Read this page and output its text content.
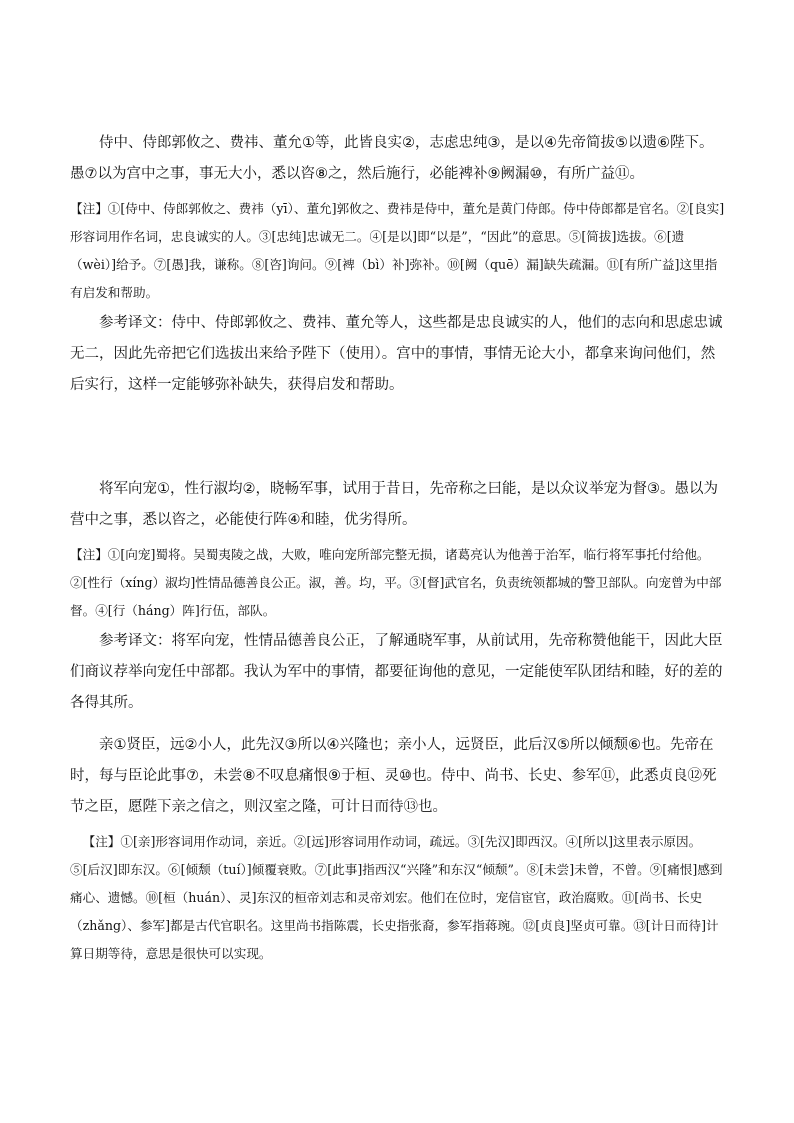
侍中、侍郎郭攸之、费祎、董允①等，此皆良实②，志虑忠纯③，是以④先帝简拔⑤以遗⑥陛下。愚⑦以为宫中之事，事无大小，悉以咨⑧之，然后施行，必能裨补⑨阙漏⑩，有所广益⑪。

【注】①[侍中、侍郎郭攸之、费祎（yī）、董允]郭攸之、费祎是侍中，董允是黄门侍郎。侍中侍郎都是官名。②[良实]形容词用作名词，忠良诚实的人。③[忠纯]忠诚无二。④[是以]即“以是”，“因此”的意思。⑤[简拔]选拔。⑥[遗（wèi）]给予。⑦[愚]我，谦称。⑧[咨]询问。⑨[裨（bì）补]弥补。⑩[阙（quē）漏]缺失疏漏。⑪[有所广益]这里指有启发和帮助。

参考译文：侍中、侍郎郭攸之、费祎、董允等人，这些都是忠良诚实的人，他们的志向和思虑忠诚无二，因此先帝把它们选拔出来给予陛下（使用）。宫中的事情，事情无论大小，都拿来询问他们，然后实行，这样一定能够弥补缺失，获得启发和帮助。

将军向宠①，性行淑均②，晓畅军事，试用于昔日，先帝称之曰能，是以众议举宠为督③。愚以为营中之事，悉以咨之，必能使行阵④和睦，优劣得所。

【注】①[向宠]蜀将。吴蜀夷陵之战，大败，唯向宠所部完整无损，诸葛亮认为他善于治军，临行将军事托付给他。②[性行（xíng）淑均]性情品德善良公正。淑，善。均，平。③[督]武官名，负责统领都城的警卫部队。向宠曾为中部督。④[行（háng）阵]行伍，部队。

参考译文：将军向宠，性情品德善良公正，了解通晓军事，从前试用，先帝称赞他能干，因此大臣们商议荐举向宠任中部都。我认为军中的事情，都要征询他的意见，一定能使军队团结和睦，好的差的各得其所。

亲①贤臣，远②小人，此先汉③所以④兴隆也；亲小人，远贤臣，此后汉⑤所以倾颓⑥也。先帝在时，每与臣论此事⑦，未尝⑧不叹息痛恨⑨于桓、灵⑩也。侍中、尚书、长史、参军⑪，此悉贞良⑫死节之臣，愿陛下亲之信之，则汉室之隆，可计日而待⑬也。

【注】①[亲]形容词用作动词，亲近。②[远]形容词用作动词，疏远。③[先汉]即西汉。④[所以]这里表示原因。⑤[后汉]即东汉。⑥[倾颓（tuí）]倾覆衰败。⑦[此事]指西汉“兴隆”和东汉“倾颓”。⑧[未尝]未曾，不曾。⑨[痛恨]感到痛心、遗憾。⑩[桓（huán）、灵]东汉的桓帝刘志和灵帝刘宏。他们在位时，宠信宦官，政治腐败。⑪[尚书、长史（zhǎng）、参军]都是古代官职名。这里尚书指陈震，长史指张裔，参军指蒋琬。⑫[贞良]坚贞可靠。⑬[计日而待]计算日期等待，意思是很快可以实现。
